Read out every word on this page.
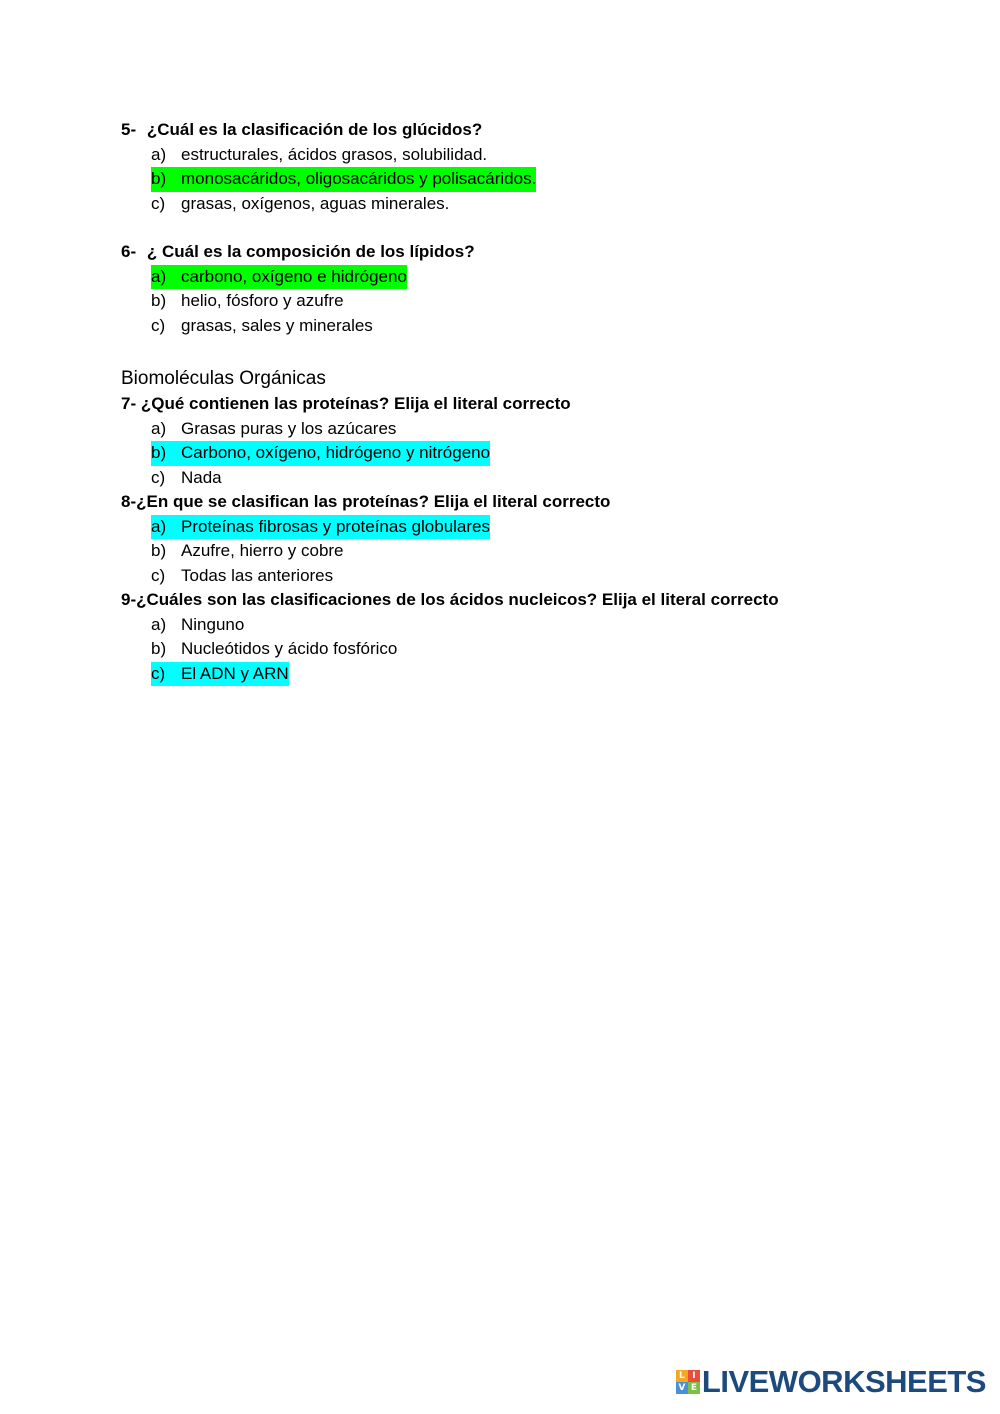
5- ¿Cuál es la clasificación de los glúcidos?
a) estructurales, ácidos grasos, solubilidad.
b) monosacáridos, oligosacáridos y polisacáridos.
c) grasas, oxígenos, aguas minerales.
6- ¿ Cuál es la composición de los lípidos?
a) carbono, oxígeno e hidrógeno
b) helio, fósforo y azufre
c) grasas, sales y minerales
Biomoléculas Orgánicas
7- ¿Qué contienen las proteínas? Elija el literal correcto
a) Grasas puras y los azúcares
b) Carbono, oxígeno, hidrógeno y nitrógeno
c) Nada
8-¿En que se clasifican las proteínas? Elija el literal correcto
a) Proteínas fibrosas y proteínas globulares
b) Azufre, hierro y cobre
c) Todas las anteriores
9-¿Cuáles son las clasificaciones de los ácidos nucleicos? Elija el literal correcto
a) Ninguno
b) Nucleótidos y ácido fosfórico
c) El ADN y ARN
L I
V E LIVEWORKSHEETS
